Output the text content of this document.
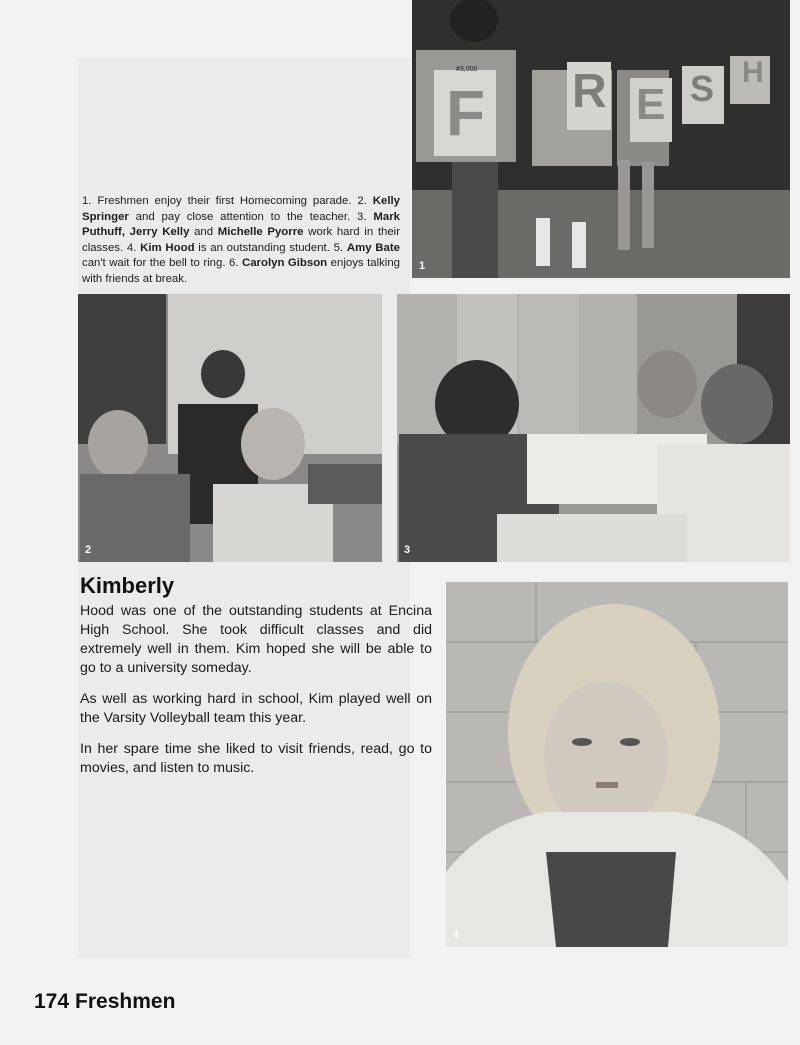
1. Freshmen enjoy their first Homecoming parade. 2. Kelly Springer and pay close attention to the teacher. 3. Mark Puthuff, Jerry Kelly and Michelle Pyorre work hard in their classes. 4. Kim Hood is an outstanding student. 5. Amy Bate can't wait for the bell to ring. 6. Carolyn Gibson enjoys talking with friends at break.
#3,000
F R E S H
1
2	3
Kimberly
Hood was one of the outstanding students at Encina High School. She took difficult classes and did extremely well in them. Kim hoped she will be able to go to a university someday.
As well as working hard in school, Kim played well on the Varsity Volleyball team this year.
In her spare time she liked to visit friends, read, go to movies, and listen to music.
4
174 Freshmen
